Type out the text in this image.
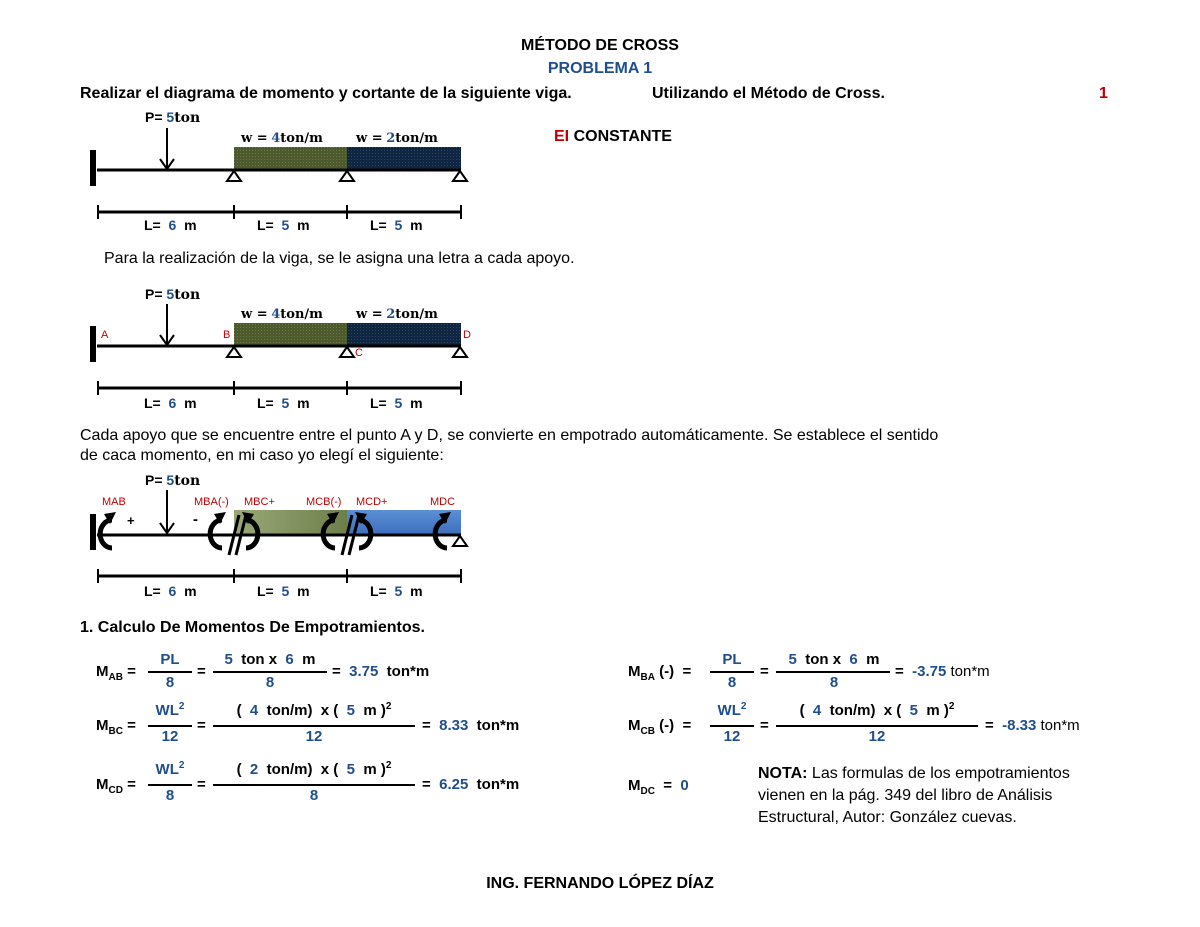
MÉTODO DE CROSS
PROBLEMA 1
Realizar el diagrama de momento y cortante de la siguiente viga.	Utilizando el Método de Cross.	1
EI CONSTANTE
P= 5ton
w = 4ton/m	w = 2ton/m
L= 6 m	L= 5 m	L= 5 m
Para la realización de la viga, se le asigna una letra a cada apoyo.
P= 5ton
w = 4ton/m	w = 2ton/m
A	B
C
D
L= 6 m	L= 5 m	L= 5 m
Cada apoyo que se encuentre entre el punto A y D, se convierte en empotrado automáticamente. Se establece el sentido
de caca momento, en mi caso yo elegí el siguiente:
P= 5ton
MAB	MBA(-) MBC+	MCB(-) MCD+	MDC
+	-
L= 6 m	L= 5 m	L= 5 m
1. Calculo De Momentos De Empotramientos.
$M_{AB}$ =
PL
8
=
5 ton x 6 m
8
= 3.75 ton*m
$M_{BC}$ =
$WL^2$
12
=
( 4 ton/m) x ( 5 m )$^2$
12
= 8.33 ton*m
$M_{CD}$ =
$WL^2$
8
=
( 2 ton/m) x ( 5 m )$^2$
8
= 6.25 ton*m
$M_{BA}$ (-) =
PL
8
=
5 ton x 6 m
8
= -3.75 ton*m
$M_{CB}$ (-) =
$WL^2$
12
=
( 4 ton/m) x ( 5 m )$^2$
12
= -8.33 ton*m
$M_{DC} = 0$
NOTA: Las formulas de los empotramientos
vienen en la pág. 349 del libro de Análisis
Estructural, Autor: González cuevas.
ING. FERNANDO LÓPEZ DÍAZ
